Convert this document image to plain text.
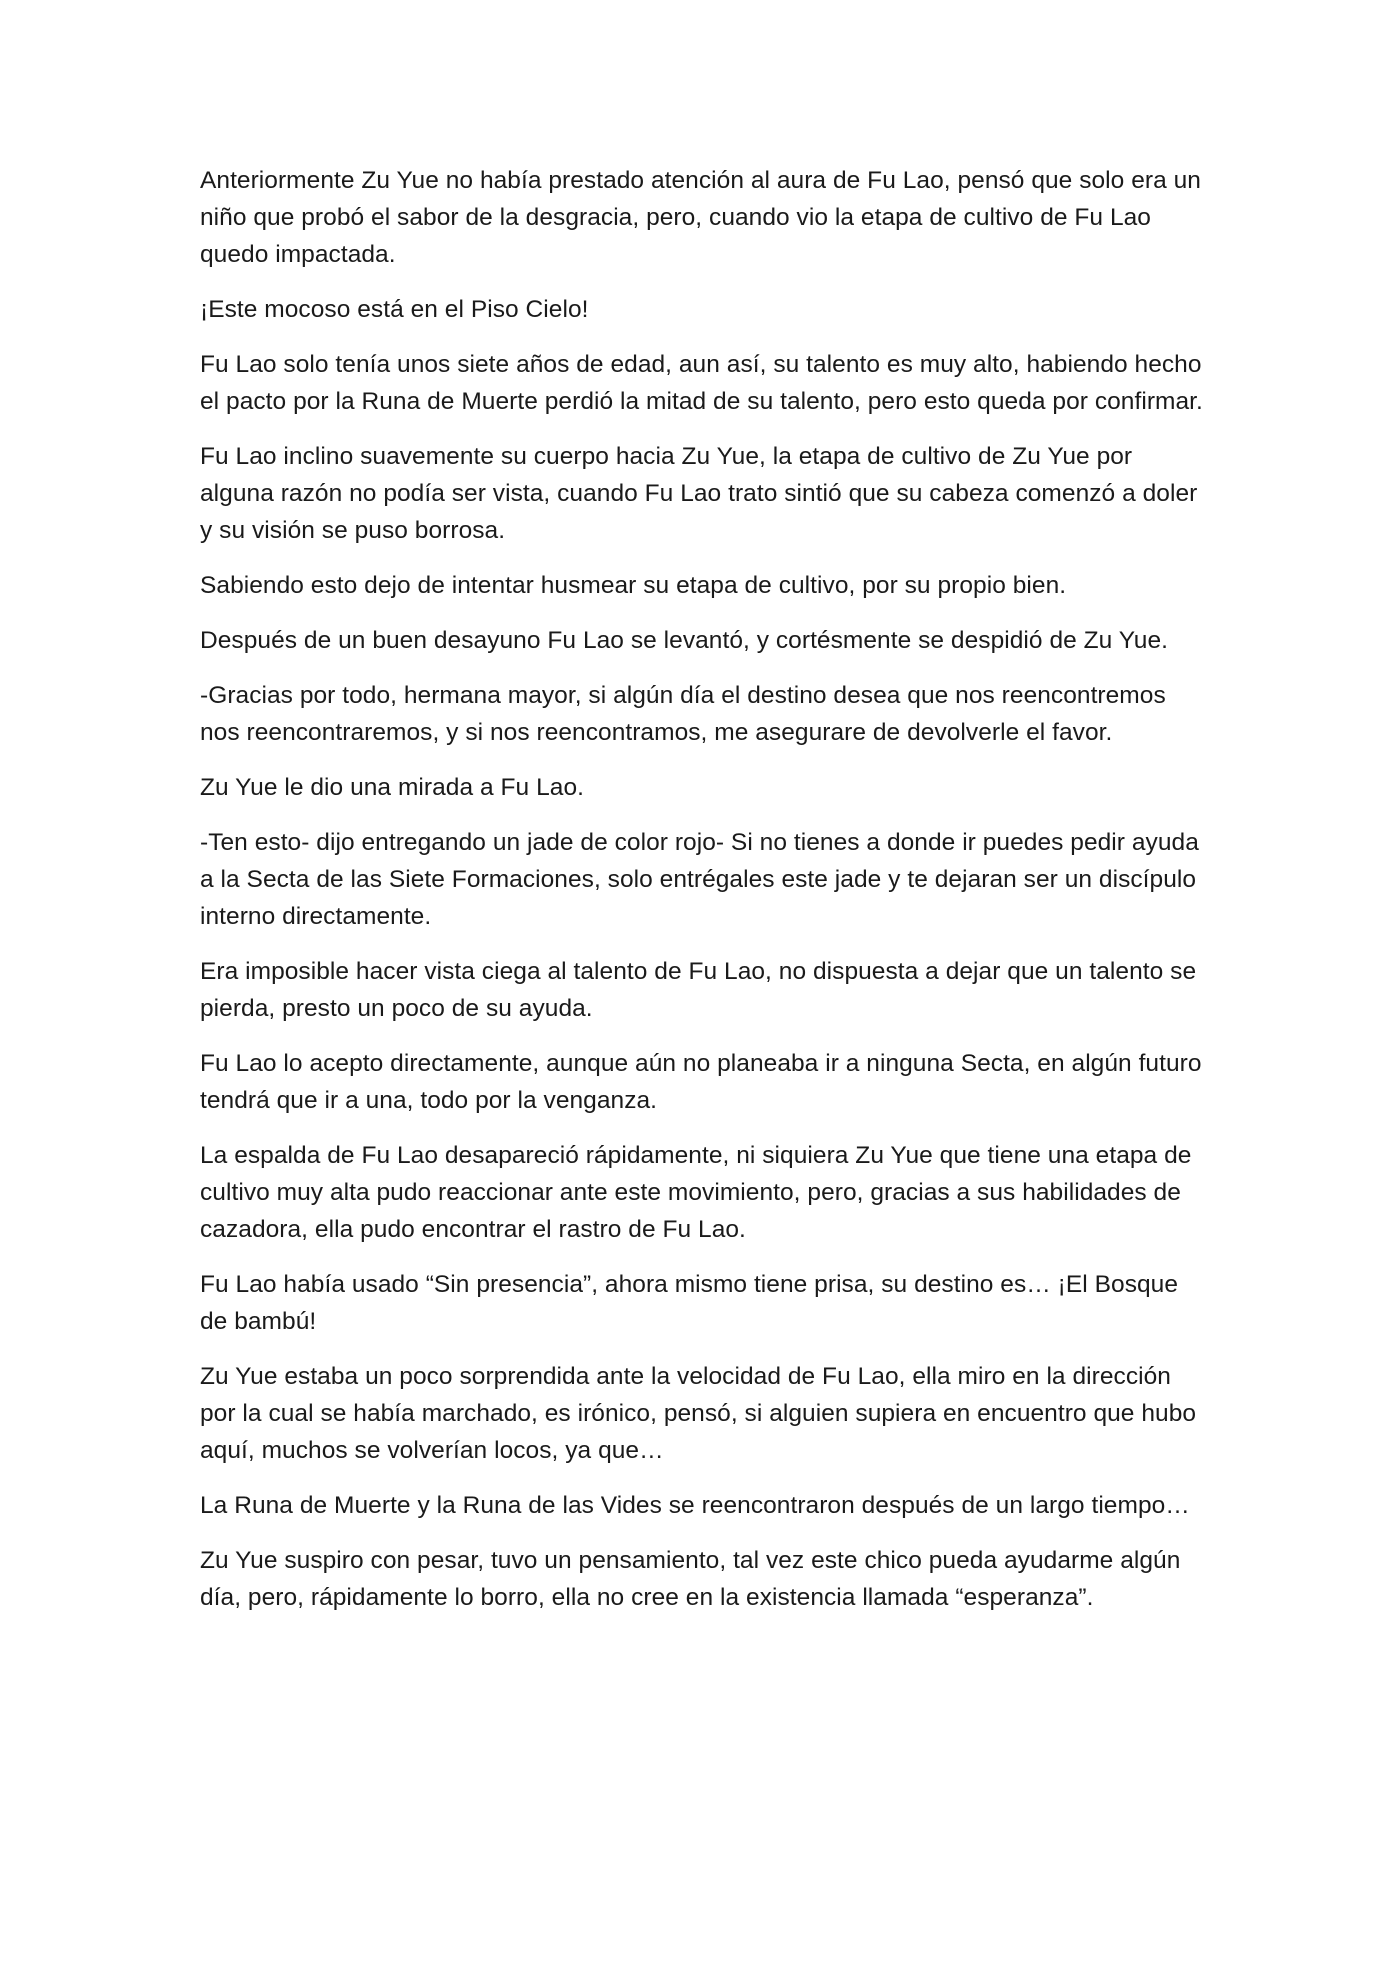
Anteriormente Zu Yue no había prestado atención al aura de Fu Lao, pensó que solo era un niño que probó el sabor de la desgracia, pero, cuando vio la etapa de cultivo de Fu Lao quedo impactada.

¡Este mocoso está en el Piso Cielo!

Fu Lao solo tenía unos siete años de edad, aun así, su talento es muy alto, habiendo hecho el pacto por la Runa de Muerte perdió la mitad de su talento, pero esto queda por confirmar.

Fu Lao inclino suavemente su cuerpo hacia Zu Yue, la etapa de cultivo de Zu Yue por alguna razón no podía ser vista, cuando Fu Lao trato sintió que su cabeza comenzó a doler y su visión se puso borrosa.

Sabiendo esto dejo de intentar husmear su etapa de cultivo, por su propio bien.

Después de un buen desayuno Fu Lao se levantó, y cortésmente se despidió de Zu Yue.

-Gracias por todo, hermana mayor, si algún día el destino desea que nos reencontremos nos reencontraremos, y si nos reencontramos, me asegurare de devolverle el favor.

Zu Yue le dio una mirada a Fu Lao.

-Ten esto- dijo entregando un jade de color rojo- Si no tienes a donde ir puedes pedir ayuda a la Secta de las Siete Formaciones, solo entrégales este jade y te dejaran ser un discípulo interno directamente.

Era imposible hacer vista ciega al talento de Fu Lao, no dispuesta a dejar que un talento se pierda, presto un poco de su ayuda.

Fu Lao lo acepto directamente, aunque aún no planeaba ir a ninguna Secta, en algún futuro tendrá que ir a una, todo por la venganza.

La espalda de Fu Lao desapareció rápidamente, ni siquiera Zu Yue que tiene una etapa de cultivo muy alta pudo reaccionar ante este movimiento, pero, gracias a sus habilidades de cazadora, ella pudo encontrar el rastro de Fu Lao.

Fu Lao había usado “Sin presencia”, ahora mismo tiene prisa, su destino es… ¡El Bosque de bambú!

Zu Yue estaba un poco sorprendida ante la velocidad de Fu Lao, ella miro en la dirección por la cual se había marchado, es irónico, pensó, si alguien supiera en encuentro que hubo aquí, muchos se volverían locos, ya que…

La Runa de Muerte y la Runa de las Vides se reencontraron después de un largo tiempo…

Zu Yue suspiro con pesar, tuvo un pensamiento, tal vez este chico pueda ayudarme algún día, pero, rápidamente lo borro, ella no cree en la existencia llamada “esperanza”.
